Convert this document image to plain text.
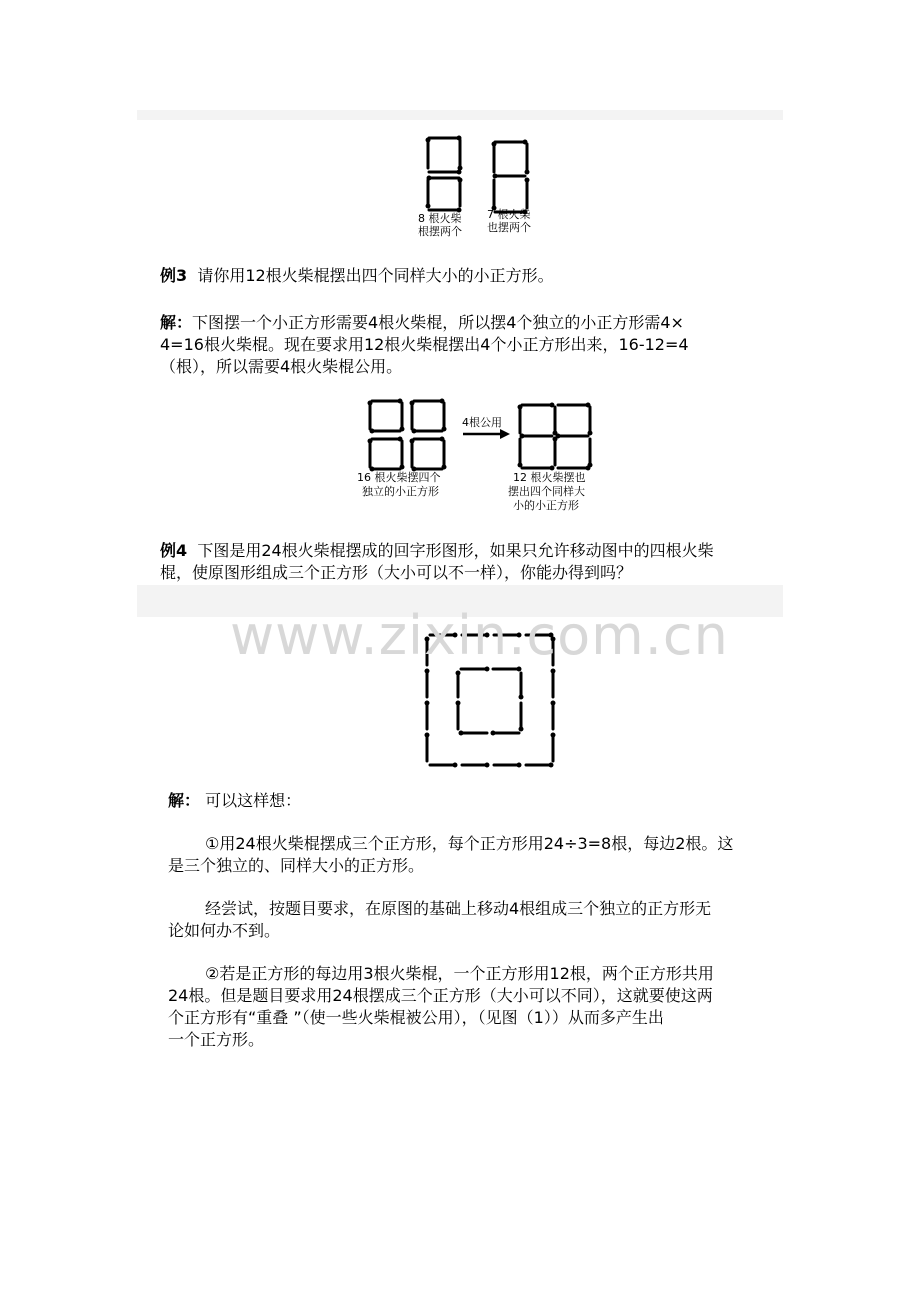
8 根火柴
根摆两个
7 根火柴
也摆两个
例3 请你用12根火柴棍摆出四个同样大小的小正方形。
解：下图摆一个小正方形需要4根火柴棍，所以摆4个独立的小正方形需4×
4=16根火柴棍。现在要求用12根火柴棍摆出4个小正方形出来，16-12=4
（根），所以需要4根火柴棍公用。
4根公用
16 根火柴摆四个
独立的小正方形
12 根火柴摆也
摆出四个同样大
小的小正方形
例4 下图是用24根火柴棍摆成的回字形图形，如果只允许移动图中的四根火柴
棍，使原图形组成三个正方形（大小可以不一样），你能办得到吗？
www.zixin.com.cn
解： 可以这样想：
①用24根火柴棍摆成三个正方形，每个正方形用24÷3=8根，每边2根。这
是三个独立的、同样大小的正方形。
经尝试，按题目要求，在原图的基础上移动4根组成三个独立的正方形无
论如何办不到。
②若是正方形的每边用3根火柴棍，一个正方形用12根，两个正方形共用
24根。但是题目要求用24根摆成三个正方形（大小可以不同），这就要使这两
个正方形有“重叠 ”（使一些火柴棍被公用），（见图（1））从而多产生出
一个正方形。
